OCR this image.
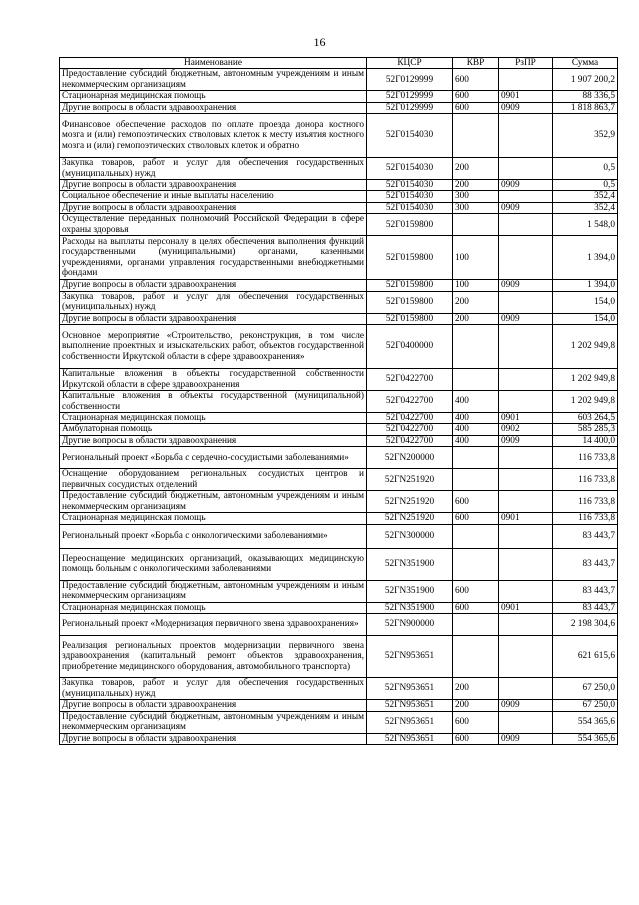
16
Наименование	КЦСР	КВР	РзПР	Сумма
Предоставление субсидий бюджетным, автономным учреждениям и иным некоммерческим организациям	52Г0129999	600		1 907 200,2
Стационарная медицинская помощь	52Г0129999	600	0901	88 336,5
Другие вопросы в области здравоохранения	52Г0129999	600	0909	1 818 863,7
Финансовое обеспечение расходов по оплате проезда донора костного мозга и (или) гемопоэтических стволовых клеток к месту изъятия костного мозга и (или) гемопоэтических стволовых клеток и обратно	52Г0154030			352,9
Закупка товаров, работ и услуг для обеспечения государственных (муниципальных) нужд	52Г0154030	200		0,5
Другие вопросы в области здравоохранения	52Г0154030	200	0909	0,5
Социальное обеспечение и иные выплаты населению	52Г0154030	300		352,4
Другие вопросы в области здравоохранения	52Г0154030	300	0909	352,4
Осуществление переданных полномочий Российской Федерации в сфере охраны здоровья	52Г0159800			1 548,0
Расходы на выплаты персоналу в целях обеспечения выполнения функций государственными (муниципальными) органами, казенными учреждениями, органами управления государственными внебюджетными фондами	52Г0159800	100		1 394,0
Другие вопросы в области здравоохранения	52Г0159800	100	0909	1 394,0
Закупка товаров, работ и услуг для обеспечения государственных (муниципальных) нужд	52Г0159800	200		154,0
Другие вопросы в области здравоохранения	52Г0159800	200	0909	154,0
Основное мероприятие «Строительство, реконструкция, в том числе выполнение проектных и изыскательских работ, объектов государственной собственности Иркутской области в сфере здравоохранения»	52Г0400000			1 202 949,8
Капитальные вложения в объекты государственной собственности Иркутской области в сфере здравоохранения	52Г0422700			1 202 949,8
Капитальные вложения в объекты государственной (муниципальной) собственности	52Г0422700	400		1 202 949,8
Стационарная медицинская помощь	52Г0422700	400	0901	603 264,5
Амбулаторная помощь	52Г0422700	400	0902	585 285,3
Другие вопросы в области здравоохранения	52Г0422700	400	0909	14 400,0
Региональный проект «Борьба с сердечно-сосудистыми заболеваниями»	52ГN200000			116 733,8
Оснащение оборудованием региональных сосудистых центров и первичных сосудистых отделений	52ГN251920			116 733,8
Предоставление субсидий бюджетным, автономным учреждениям и иным некоммерческим организациям	52ГN251920	600		116 733,8
Стационарная медицинская помощь	52ГN251920	600	0901	116 733,8
Региональный проект «Борьба с онкологическими заболеваниями»	52ГN300000			83 443,7
Переоснащение медицинских организаций, оказывающих медицинскую помощь больным с онкологическими заболеваниями	52ГN351900			83 443,7
Предоставление субсидий бюджетным, автономным учреждениям и иным некоммерческим организациям	52ГN351900	600		83 443,7
Стационарная медицинская помощь	52ГN351900	600	0901	83 443,7
Региональный проект «Модернизация первичного звена здравоохранения»	52ГN900000			2 198 304,6
Реализация региональных проектов модернизации первичного звена здравоохранения (капитальный ремонт объектов здравоохранения, приобретение медицинского оборудования, автомобильного транспорта)	52ГN953651			621 615,6
Закупка товаров, работ и услуг для обеспечения государственных (муниципальных) нужд	52ГN953651	200		67 250,0
Другие вопросы в области здравоохранения	52ГN953651	200	0909	67 250,0
Предоставление субсидий бюджетным, автономным учреждениям и иным некоммерческим организациям	52ГN953651	600		554 365,6
Другие вопросы в области здравоохранения	52ГN953651	600	0909	554 365,6
